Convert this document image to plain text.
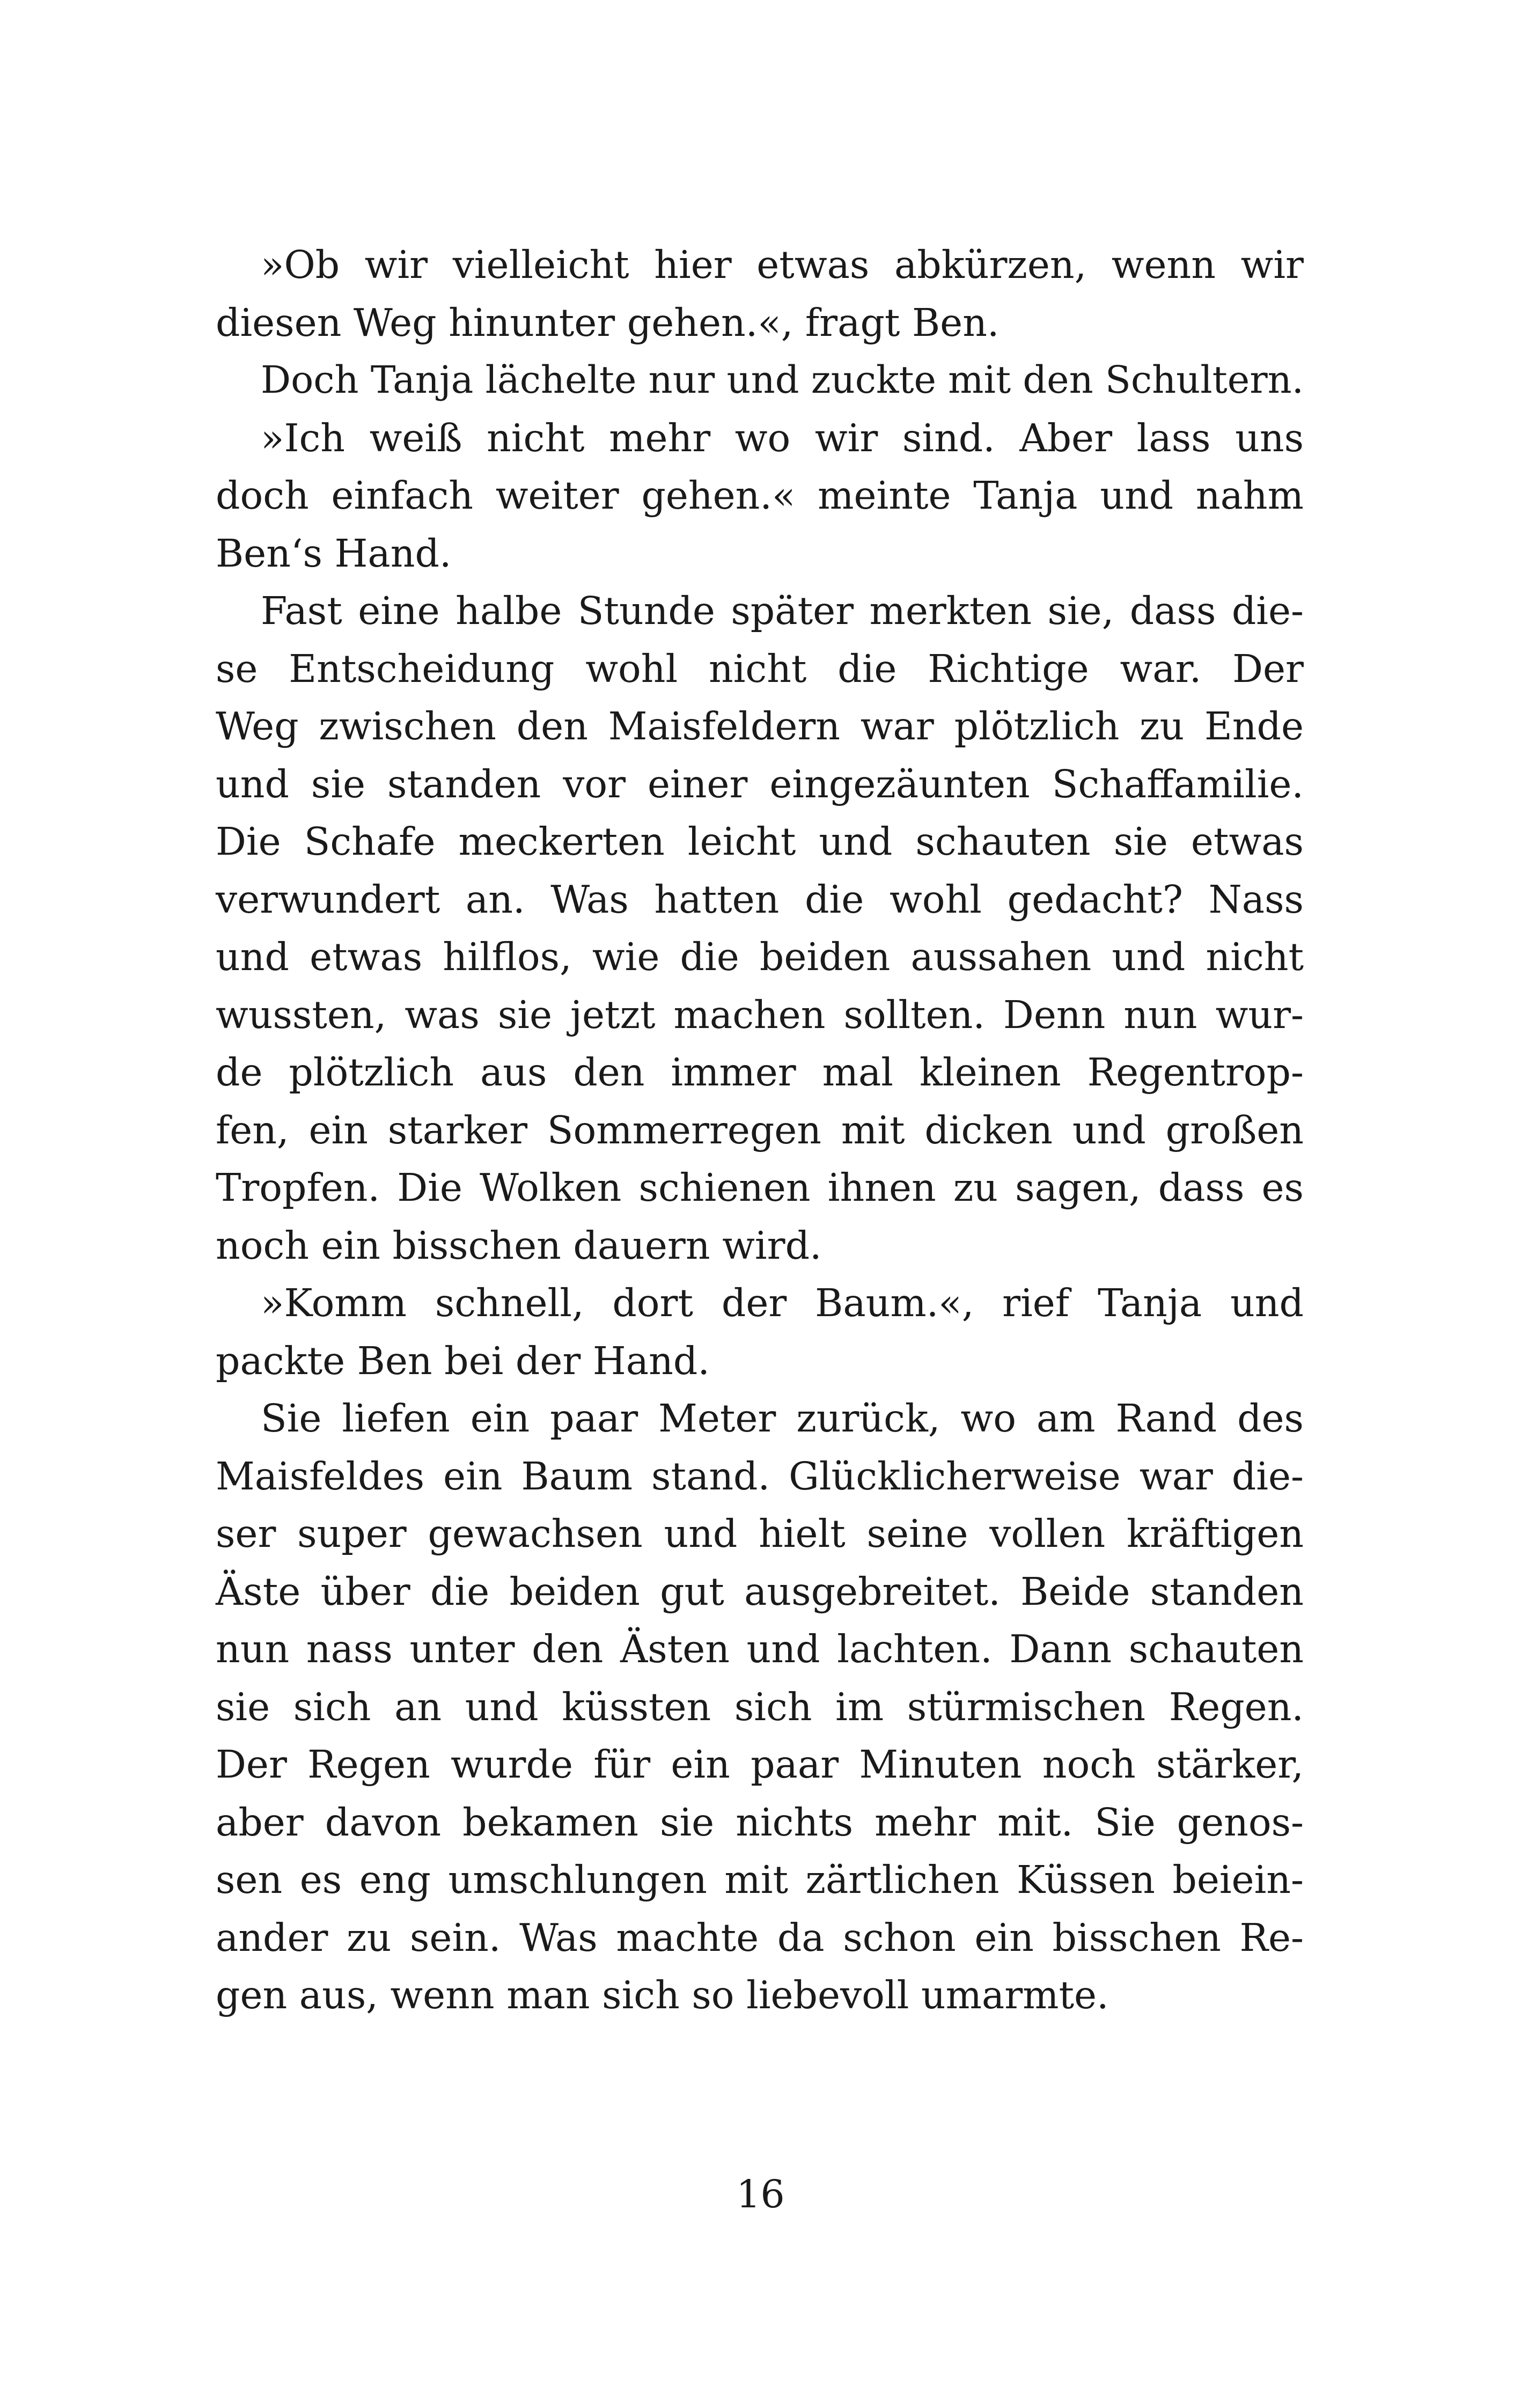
»Ob wir vielleicht hier etwas abkürzen, wenn wir
diesen Weg hinunter gehen.«, fragt Ben.
Doch Tanja lächelte nur und zuckte mit den Schultern.
»Ich weiß nicht mehr wo wir sind. Aber lass uns
doch einfach weiter gehen.« meinte Tanja und nahm
Ben‘s Hand.
Fast eine halbe Stunde später merkten sie, dass die-
se Entscheidung wohl nicht die Richtige war. Der
Weg zwischen den Maisfeldern war plötzlich zu Ende
und sie standen vor einer eingezäunten Schaffamilie.
Die Schafe meckerten leicht und schauten sie etwas
verwundert an. Was hatten die wohl gedacht? Nass
und etwas hilflos, wie die beiden aussahen und nicht
wussten, was sie jetzt machen sollten. Denn nun wur-
de plötzlich aus den immer mal kleinen Regentrop-
fen, ein starker Sommerregen mit dicken und großen
Tropfen. Die Wolken schienen ihnen zu sagen, dass es
noch ein bisschen dauern wird.
»Komm schnell, dort der Baum.«, rief Tanja und
packte Ben bei der Hand.
Sie liefen ein paar Meter zurück, wo am Rand des
Maisfeldes ein Baum stand. Glücklicherweise war die-
ser super gewachsen und hielt seine vollen kräftigen
Äste über die beiden gut ausgebreitet. Beide standen
nun nass unter den Ästen und lachten. Dann schauten
sie sich an und küssten sich im stürmischen Regen.
Der Regen wurde für ein paar Minuten noch stärker,
aber davon bekamen sie nichts mehr mit. Sie genos-
sen es eng umschlungen mit zärtlichen Küssen beiein-
ander zu sein. Was machte da schon ein bisschen Re-
gen aus, wenn man sich so liebevoll umarmte.
16
